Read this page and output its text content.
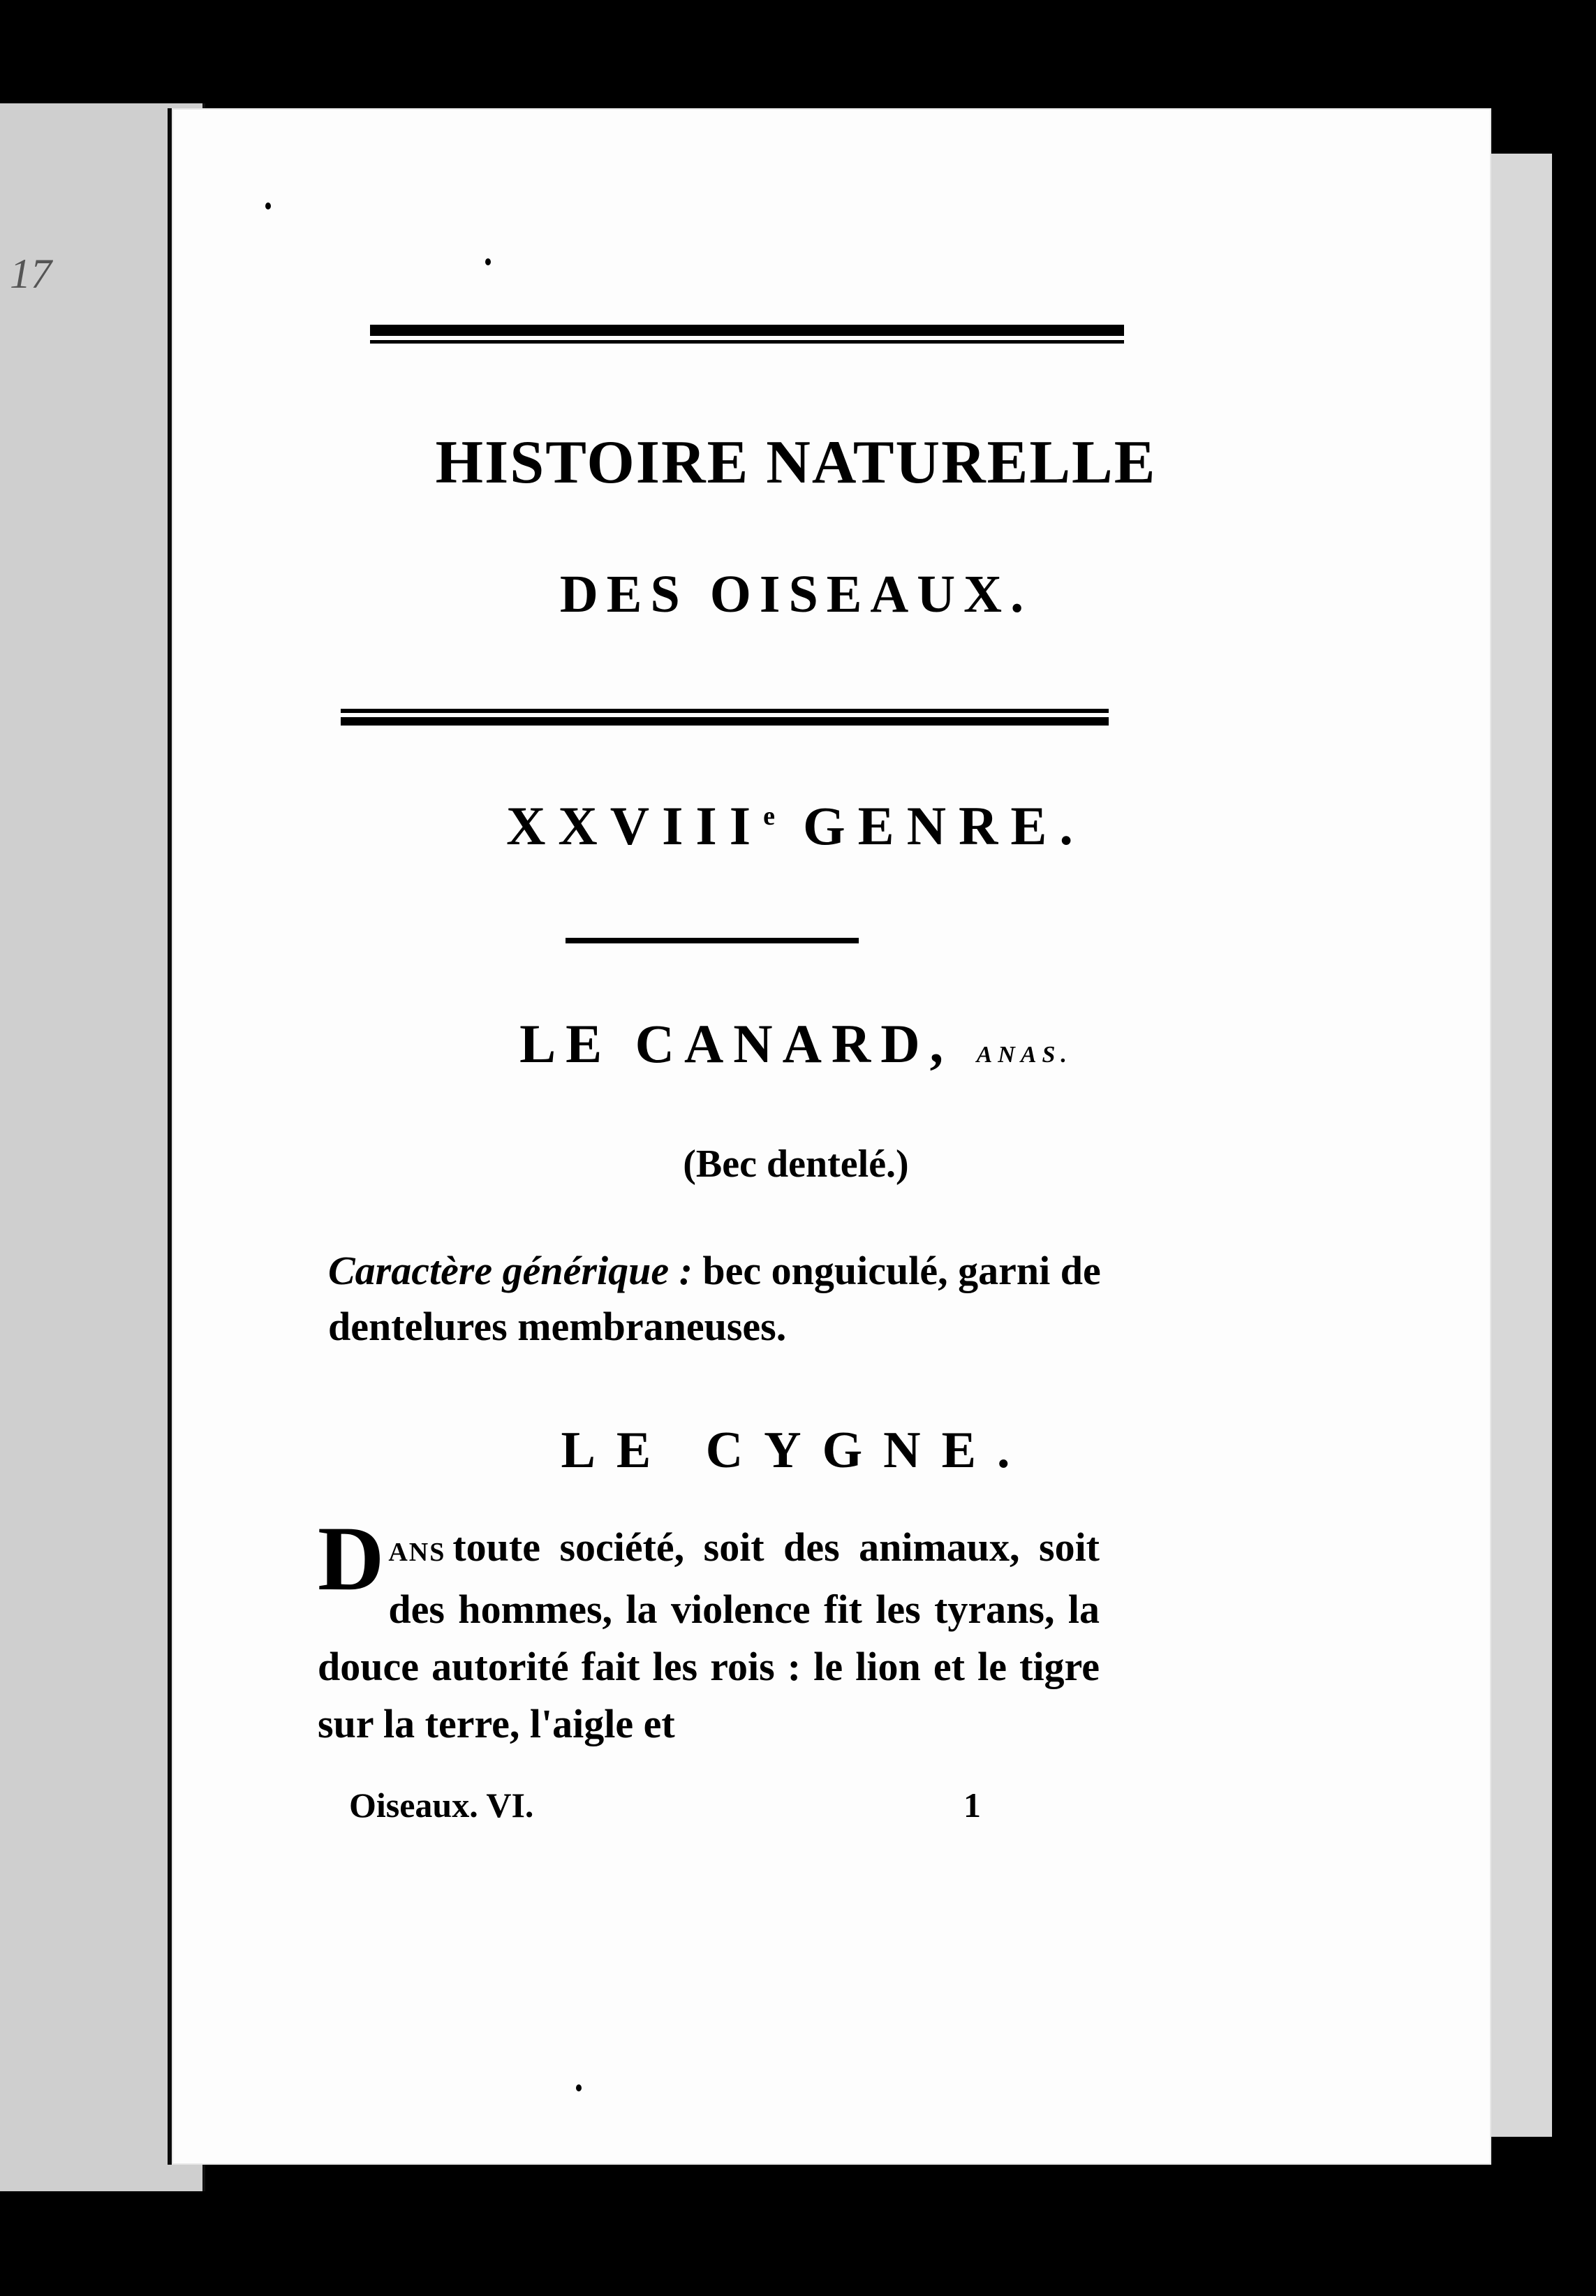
17
HISTOIRE NATURELLE
DES OISEAUX.
XXVIIIe GENRE.
LE CANARD, ANAS.
(Bec dentelé.)
Caractère générique : bec onguiculé, garni de dentelures membraneuses.
LE CYGNE.

DANS toute société, soit des animaux, soit des hommes, la violence fit les tyrans, la douce autorité fait les rois : le lion et le tigre sur la terre, l'aigle et

Oiseaux. VI.	1
